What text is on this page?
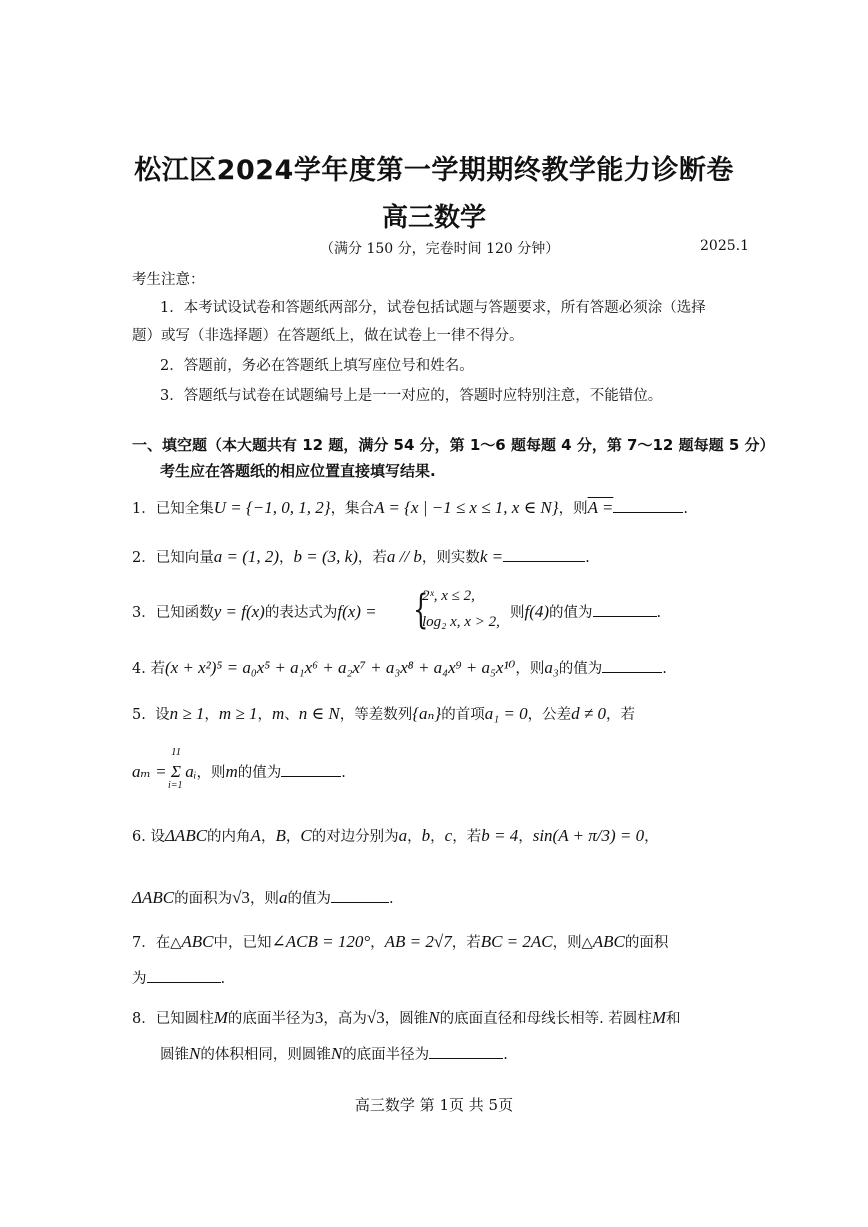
松江区2024学年度第一学期期终教学能力诊断卷
高三数学
（满分 150 分，完卷时间 120 分钟）	2025.1
考生注意：
1．本考试设试卷和答题纸两部分，试卷包括试题与答题要求，所有答题必须涂（选择
题）或写（非选择题）在答题纸上，做在试卷上一律不得分。
2．答题前，务必在答题纸上填写座位号和姓名。
3．答题纸与试卷在试题编号上是一一对应的，答题时应特别注意，不能错位。
一、填空题（本大题共有 12 题，满分 54 分，第 1～6 题每题 4 分，第 7～12 题每题 5 分）
考生应在答题纸的相应位置直接填写结果.
1．已知全集U = {−1, 0, 1, 2}，集合A = {x | −1 ≤ x ≤ 1, x ∈ N}，则A =	.
2．已知向量a = (1, 2)，b = (3, k)，若a // b，则实数k =	.
3．已知函数y = f(x)的表达式为f(x) = {
2ˣ, x ≤ 2,
log₂ x, x > 2,
则f(4)的值为	.
4. 若(x + x²)⁵ = a₀x⁵ + a₁x⁶ + a₂x⁷ + a₃x⁸ + a₄x⁹ + a₅x¹⁰，则a₃的值为	.
5. 设n ≥ 1，m ≥ 1，m、n ∈ N，等差数列{aₙ}的首项a₁ = 0，公差d ≠ 0，若
11
i=1
aₘ = Σ aᵢ，则m的值为	.
6. 设ΔABC的内角A，B，C的对边分别为a，b，c，若b = 4，sin(A + π/3) = 0，
ΔABC的面积为√3，则a的值为	.
7．在△ABC中，已知∠ACB = 120°，AB = 2√7，若BC = 2AC，则△ABC的面积
为	.
8．已知圆柱M的底面半径为3，高为√3，圆锥N的底面直径和母线长相等. 若圆柱M和
圆锥N的体积相同，则圆锥N的底面半径为	.
高三数学 第 1页 共 5页
